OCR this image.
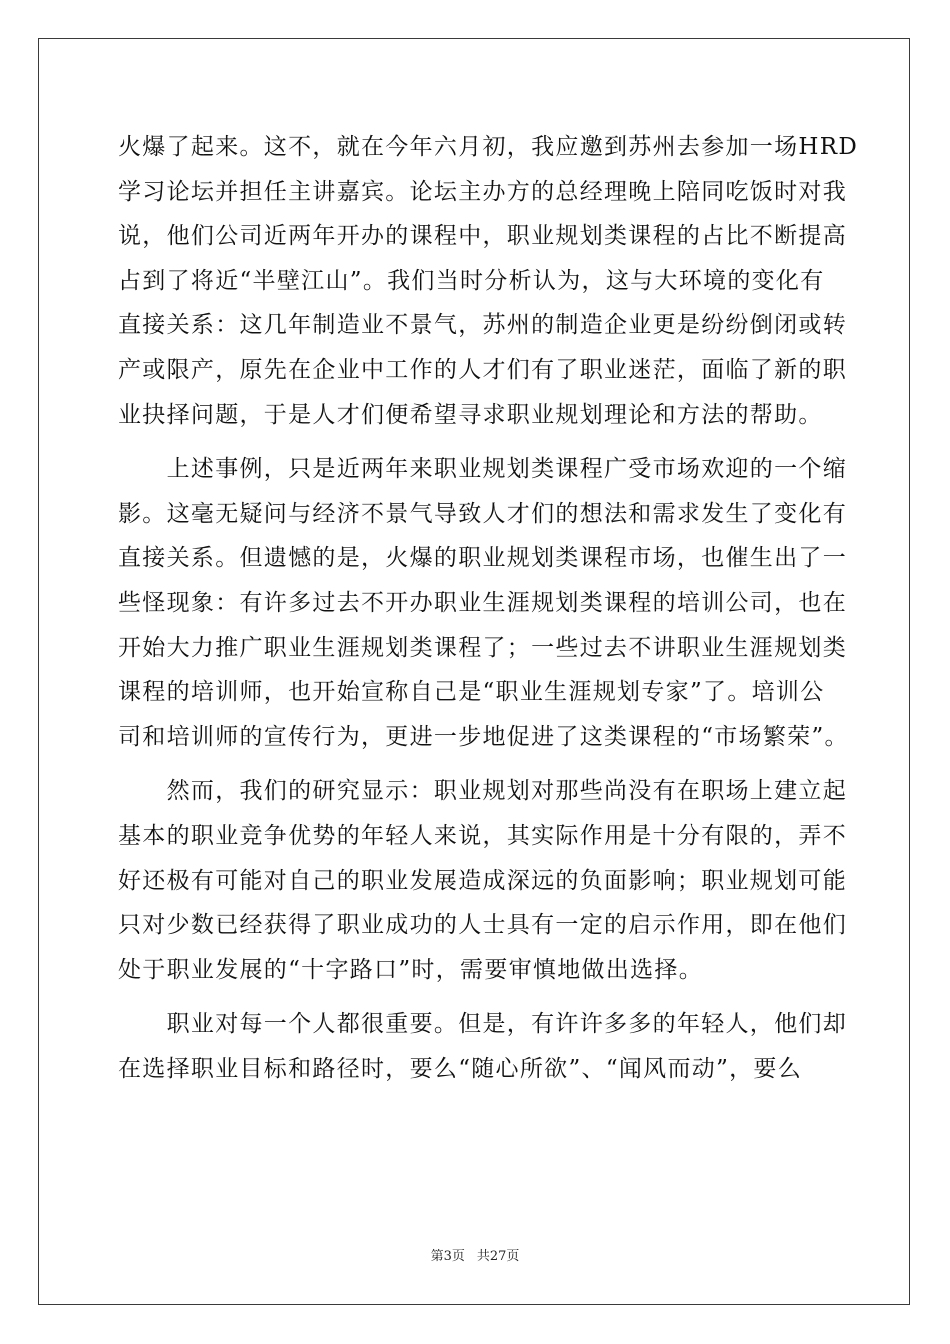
火爆了起来。这不，就在今年六月初，我应邀到苏州去参加一场HRD
学习论坛并担任主讲嘉宾。论坛主办方的总经理晚上陪同吃饭时对我
说，他们公司近两年开办的课程中，职业规划类课程的占比不断提高
占到了将近“半壁江山”。我们当时分析认为，这与大环境的变化有
直接关系：这几年制造业不景气，苏州的制造企业更是纷纷倒闭或转
产或限产，原先在企业中工作的人才们有了职业迷茫，面临了新的职
业抉择问题，于是人才们便希望寻求职业规划理论和方法的帮助。
　　上述事例，只是近两年来职业规划类课程广受市场欢迎的一个缩
影。这毫无疑问与经济不景气导致人才们的想法和需求发生了变化有
直接关系。但遗憾的是，火爆的职业规划类课程市场，也催生出了一
些怪现象：有许多过去不开办职业生涯规划类课程的培训公司，也在
开始大力推广职业生涯规划类课程了；一些过去不讲职业生涯规划类
课程的培训师，也开始宣称自己是“职业生涯规划专家”了。培训公
司和培训师的宣传行为，更进一步地促进了这类课程的“市场繁荣”。
　　然而，我们的研究显示：职业规划对那些尚没有在职场上建立起
基本的职业竞争优势的年轻人来说，其实际作用是十分有限的，弄不
好还极有可能对自己的职业发展造成深远的负面影响；职业规划可能
只对少数已经获得了职业成功的人士具有一定的启示作用，即在他们
处于职业发展的“十字路口”时，需要审慎地做出选择。
　　职业对每一个人都很重要。但是，有许许多多的年轻人，他们却
在选择职业目标和路径时，要么“随心所欲”、“闻风而动”，要么
第3页 共27页
